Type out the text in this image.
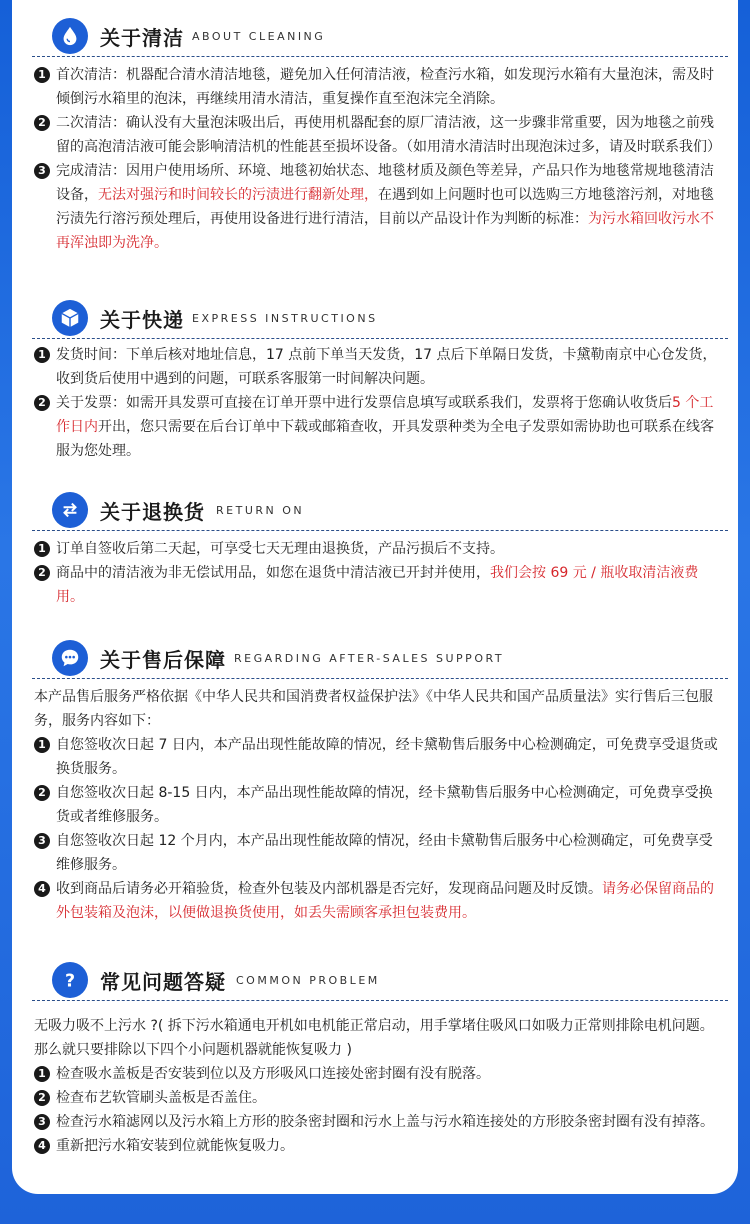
关于清洁 ABOUT CLEANING
1 首次清洁：机器配合清水清洁地毯，避免加入任何清洁液，检查污水箱，如发现污水箱有大量泡沫，需及时倾倒污水箱里的泡沫，再继续用清水清洁，重复操作直至泡沫完全消除。
2 二次清洁：确认没有大量泡沫吸出后，再使用机器配套的原厂清洁液，这一步骤非常重要，因为地毯之前残留的高泡清洁液可能会影响清洁机的性能甚至损坏设备。（如用清水清洁时出现泡沫过多，请及时联系我们）
3 完成清洁：因用户使用场所、环境、地毯初始状态、地毯材质及颜色等差异，产品只作为地毯常规地毯清洁设备，无法对强污和时间较长的污渍进行翻新处理，在遇到如上问题时也可以选购三方地毯溶污剂，对地毯污渍先行溶污预处理后，再使用设备进行进行清洁，目前以产品设计作为判断的标准：为污水箱回收污水不再浑浊即为洗净。
关于快递 EXPRESS INSTRUCTIONS
1 发货时间：下单后核对地址信息，17 点前下单当天发货，17 点后下单隔日发货，卡黛勒南京中心仓发货，收到货后使用中遇到的问题，可联系客服第一时间解决问题。
2 关于发票：如需开具发票可直接在订单开票中进行发票信息填写或联系我们，发票将于您确认收货后5 个工作日内开出，您只需要在后台订单中下载或邮箱查收，开具发票种类为全电子发票如需协助也可联系在线客服为您处理。
关于退换货 RETURN ON
1 订单自签收后第二天起，可享受七天无理由退换货，产品污损后不支持。
2 商品中的清洁液为非无偿试用品，如您在退货中清洁液已开封并使用，我们会按 69 元 / 瓶收取清洁液费用。
关于售后保障 REGARDING AFTER-SALES SUPPORT
本产品售后服务严格依据《中华人民共和国消费者权益保护法》《中华人民共和国产品质量法》实行售后三包服务，服务内容如下：
1 自您签收次日起 7 日内，本产品出现性能故障的情况，经卡黛勒售后服务中心检测确定，可免费享受退货或换货服务。
2 自您签收次日起 8-15 日内，本产品出现性能故障的情况，经卡黛勒售后服务中心检测确定，可免费享受换货或者维修服务。
3 自您签收次日起 12 个月内，本产品出现性能故障的情况，经由卡黛勒售后服务中心检测确定，可免费享受维修服务。
4 收到商品后请务必开箱验货，检查外包装及内部机器是否完好，发现商品问题及时反馈。请务必保留商品的外包装箱及泡沫，以便做退换货使用，如丢失需顾客承担包装费用。
? 常见问题答疑 COMMON PROBLEM
无吸力吸不上污水 ?( 拆下污水箱通电开机如电机能正常启动，用手掌堵住吸风口如吸力正常则排除电机问题。那么就只要排除以下四个小问题机器就能恢复吸力 )
1 检查吸水盖板是否安装到位以及方形吸风口连接处密封圈有没有脱落。
2 检查布艺软管刷头盖板是否盖住。
3 检查污水箱滤网以及污水箱上方形的胶条密封圈和污水上盖与污水箱连接处的方形胶条密封圈有没有掉落。
4 重新把污水箱安装到位就能恢复吸力。
